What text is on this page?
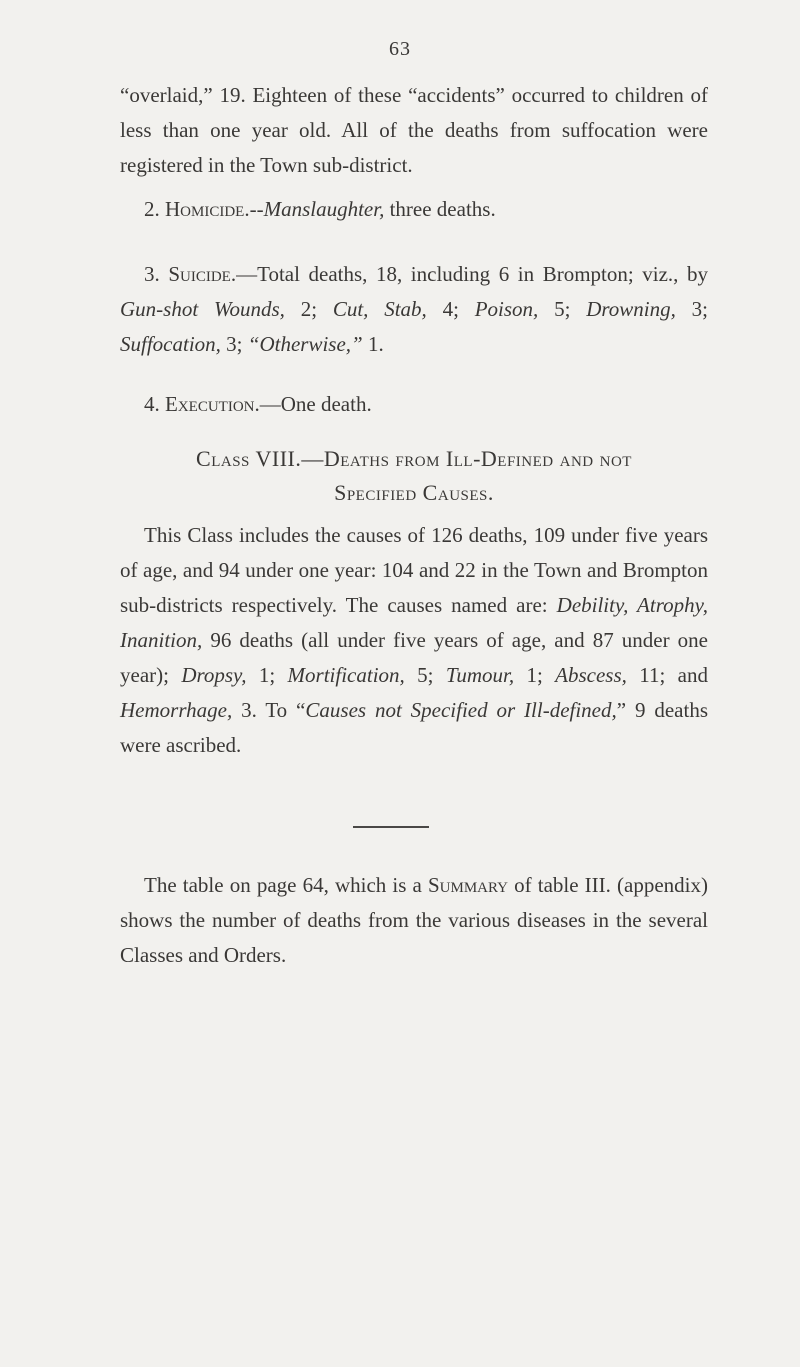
63

“overlaid,” 19. Eighteen of these “accidents” occurred to children of less than one year old. All of the deaths from suffocation were registered in the Town sub-district.

2. Homicide.--Manslaughter, three deaths.

3. Suicide.—Total deaths, 18, including 6 in Brompton; viz., by Gun-shot Wounds, 2; Cut, Stab, 4; Poison, 5; Drowning, 3; Suffocation, 3; “Otherwise,” 1.

4. Execution.—One death.

Class VIII.—Deaths from Ill-Defined and not
Specified Causes.

This Class includes the causes of 126 deaths, 109 under five years of age, and 94 under one year: 104 and 22 in the Town and Brompton sub-districts respectively. The causes named are: Debility, Atrophy, Inanition, 96 deaths (all under five years of age, and 87 under one year); Dropsy, 1; Mortification, 5; Tumour, 1; Abscess, 11; and Hemorrhage, 3. To “Causes not Specified or Ill-defined,” 9 deaths were ascribed.

The table on page 64, which is a Summary of table III. (appendix) shows the number of deaths from the various diseases in the several Classes and Orders.
